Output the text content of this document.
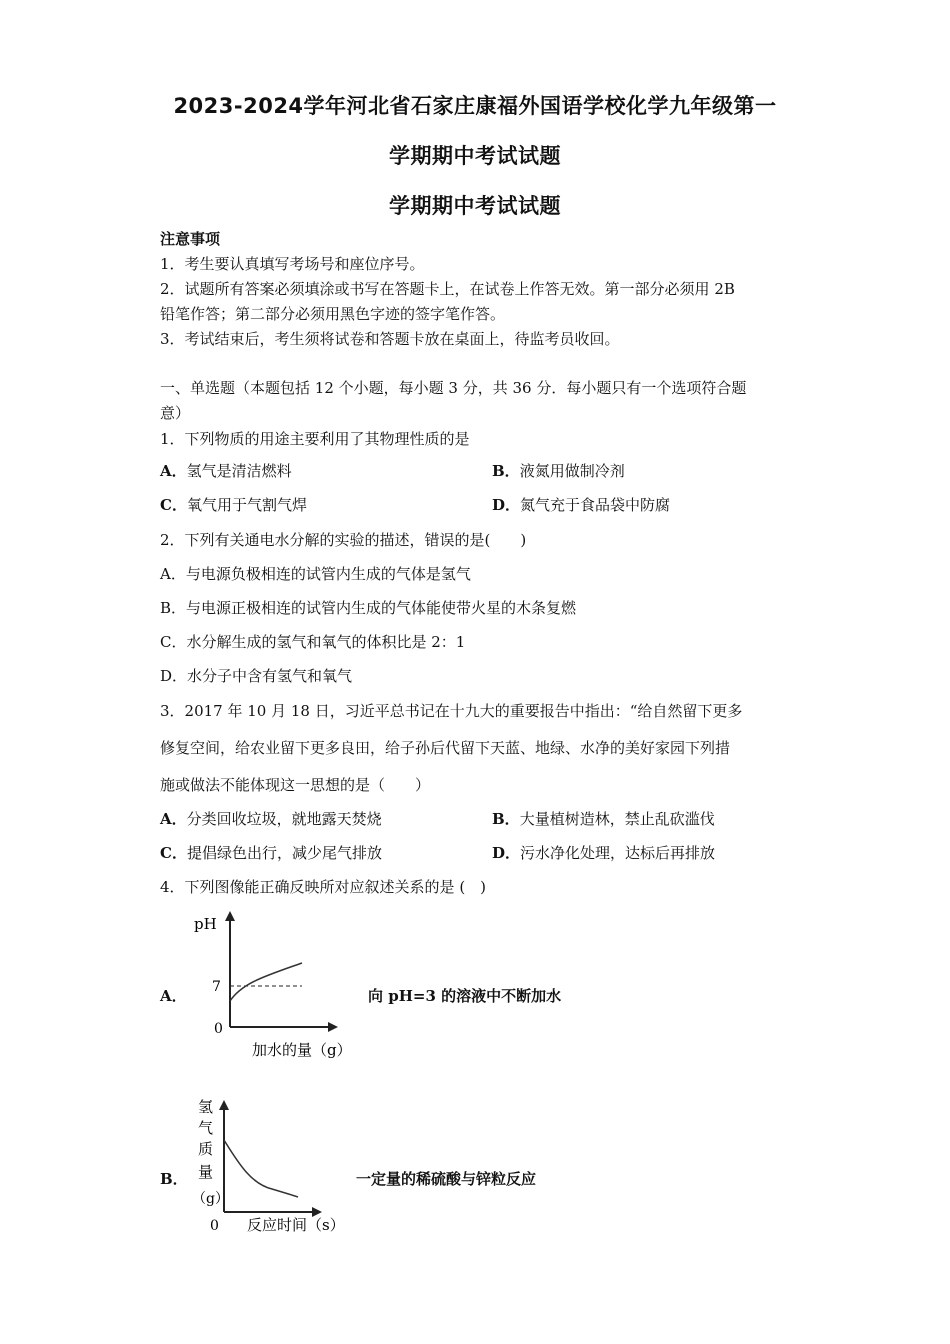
2023-2024学年河北省石家庄康福外国语学校化学九年级第一
学期期中考试试题
学期期中考试试题
注意事项
1．考生要认真填写考场号和座位序号。
2．试题所有答案必须填涂或书写在答题卡上，在试卷上作答无效。第一部分必须用 2B
铅笔作答；第二部分必须用黑色字迹的签字笔作答。
3．考试结束后，考生须将试卷和答题卡放在桌面上，待监考员收回。
一、单选题（本题包括 12 个小题，每小题 3 分，共 36 分．每小题只有一个选项符合题
意）
1．下列物质的用途主要利用了其物理性质的是
A．氢气是清洁燃料	B．液氮用做制冷剂
C．氧气用于气割气焊	D．氮气充于食品袋中防腐
2．下列有关通电水分解的实验的描述，错误的是(　　)
A．与电源负极相连的试管内生成的气体是氢气
B．与电源正极相连的试管内生成的气体能使带火星的木条复燃
C．水分解生成的氢气和氧气的体积比是 2：1
D．水分子中含有氢气和氧气
3．2017 年 10 月 18 日，习近平总书记在十九大的重要报告中指出：“给自然留下更多
修复空间，给农业留下更多良田，给子孙后代留下天蓝、地绿、水净的美好家园下列措
施或做法不能体现这一思想的是（　　）
A．分类回收垃圾，就地露天焚烧	B．大量植树造林，禁止乱砍滥伐
C．提倡绿色出行，减少尾气排放	D．污水净化处理，达标后再排放
4．下列图像能正确反映所对应叙述关系的是 (　)
A．
pH
7
0
加水的量（g）
向 pH=3 的溶液中不断加水
B．
氢
气
质
量
（g）
0 反应时间（s）
一定量的稀硫酸与锌粒反应
